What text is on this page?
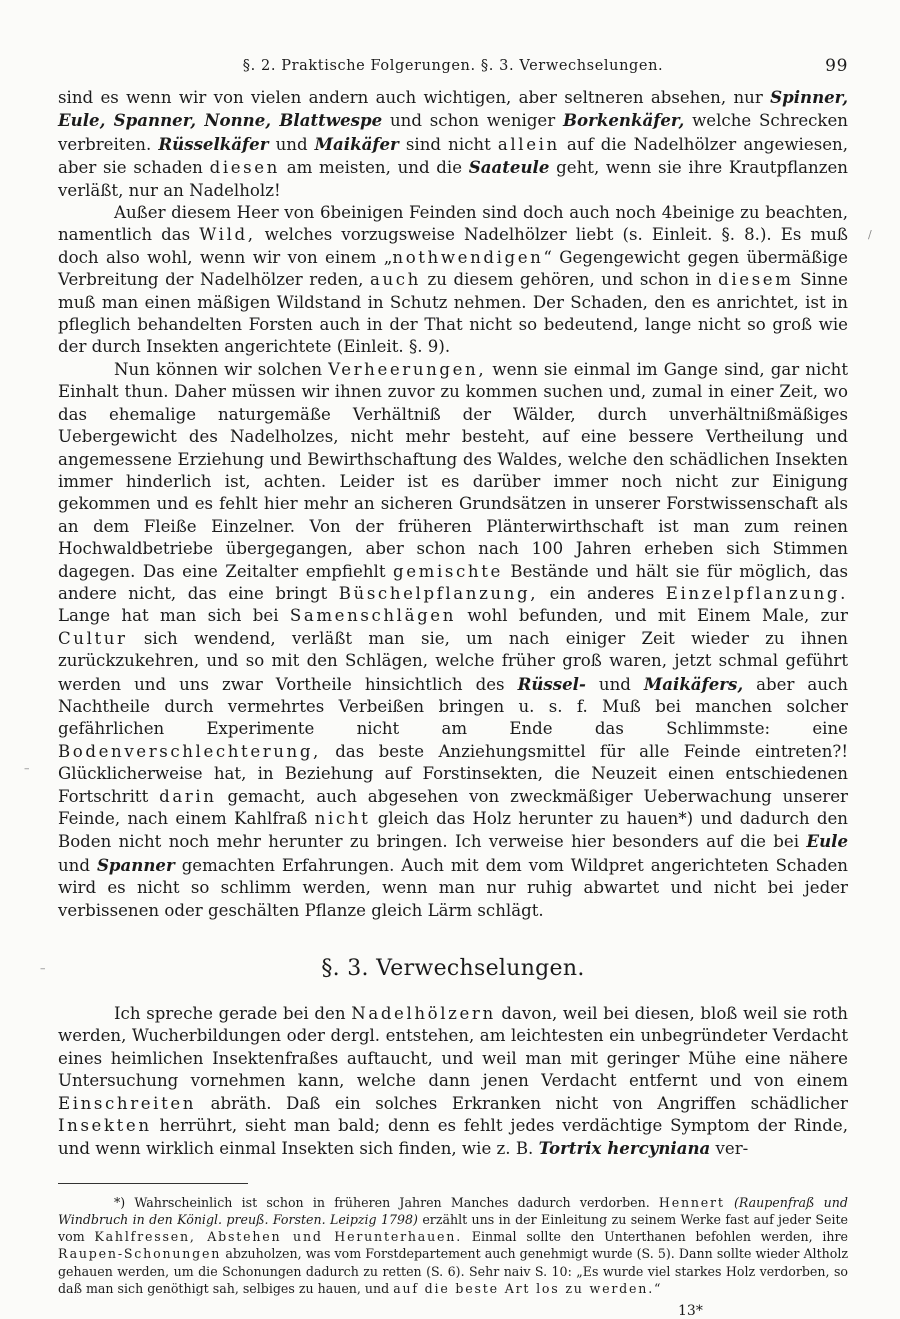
§. 2. Praktische Folgerungen. §. 3. Verwechselungen.	99

sind es wenn wir von vielen andern auch wichtigen, aber seltneren absehen, nur Spinner, Eule, Spanner, Nonne, Blattwespe und schon weniger Borkenkäfer, welche Schrecken verbreiten. Rüsselkäfer und Maikäfer sind nicht allein auf die Nadelhölzer angewiesen, aber sie schaden diesen am meisten, und die Saateule geht, wenn sie ihre Krautpflanzen verläßt, nur an Nadelholz!

Außer diesem Heer von 6beinigen Feinden sind doch auch noch 4beinige zu beachten, namentlich das Wild, welches vorzugsweise Nadelhölzer liebt (s. Einleit. §. 8.). Es muß doch also wohl, wenn wir von einem „nothwendigen“ Gegengewicht gegen übermäßige Verbreitung der Nadelhölzer reden, auch zu diesem gehören, und schon in diesem Sinne muß man einen mäßigen Wildstand in Schutz nehmen. Der Schaden, den es anrichtet, ist in pfleglich behandelten Forsten auch in der That nicht so bedeutend, lange nicht so groß wie der durch Insekten angerichtete (Einleit. §. 9).

Nun können wir solchen Verheerungen, wenn sie einmal im Gange sind, gar nicht Einhalt thun. Daher müssen wir ihnen zuvor zu kommen suchen und, zumal in einer Zeit, wo das ehemalige naturgemäße Verhältniß der Wälder, durch unverhältnißmäßiges Uebergewicht des Nadelholzes, nicht mehr besteht, auf eine bessere Vertheilung und angemessene Erziehung und Bewirthschaftung des Waldes, welche den schädlichen Insekten immer hinderlich ist, achten. Leider ist es darüber immer noch nicht zur Einigung gekommen und es fehlt hier mehr an sicheren Grundsätzen in unserer Forstwissenschaft als an dem Fleiße Einzelner. Von der früheren Plänterwirthschaft ist man zum reinen Hochwaldbetriebe übergegangen, aber schon nach 100 Jahren erheben sich Stimmen dagegen. Das eine Zeitalter empfiehlt gemischte Bestände und hält sie für möglich, das andere nicht, das eine bringt Büschelpflanzung, ein anderes Einzelpflanzung. Lange hat man sich bei Samenschlägen wohl befunden, und mit Einem Male, zur Cultur sich wendend, verläßt man sie, um nach einiger Zeit wieder zu ihnen zurückzukehren, und so mit den Schlägen, welche früher groß waren, jetzt schmal geführt werden und uns zwar Vortheile hinsichtlich des Rüssel- und Maikäfers, aber auch Nachtheile durch vermehrtes Verbeißen bringen u. s. f. Muß bei manchen solcher gefährlichen Experimente nicht am Ende das Schlimmste: eine Bodenverschlechterung, das beste Anziehungsmittel für alle Feinde eintreten?! Glücklicherweise hat, in Beziehung auf Forstinsekten, die Neuzeit einen entschiedenen Fortschritt darin gemacht, auch abgesehen von zweckmäßiger Ueberwachung unserer Feinde, nach einem Kahlfraß nicht gleich das Holz herunter zu hauen*) und dadurch den Boden nicht noch mehr herunter zu bringen. Ich verweise hier besonders auf die bei Eule und Spanner gemachten Erfahrungen. Auch mit dem vom Wildpret angerichteten Schaden wird es nicht so schlimm werden, wenn man nur ruhig abwartet und nicht bei jeder verbissenen oder geschälten Pflanze gleich Lärm schlägt.

§. 3. Verwechselungen.

Ich spreche gerade bei den Nadelhölzern davon, weil bei diesen, bloß weil sie roth werden, Wucherbildungen oder dergl. entstehen, am leichtesten ein unbegründeter Verdacht eines heimlichen Insektenfraßes auftaucht, und weil man mit geringer Mühe eine nähere Untersuchung vornehmen kann, welche dann jenen Verdacht entfernt und von einem Einschreiten abräth. Daß ein solches Erkranken nicht von Angriffen schädlicher Insekten herrührt, sieht man bald; denn es fehlt jedes verdächtige Symptom der Rinde, und wenn wirklich einmal Insekten sich finden, wie z. B. Tortrix hercyniana ver-

*) Wahrscheinlich ist schon in früheren Jahren Manches dadurch verdorben. Hennert (Raupenfraß und Windbruch in den Königl. preuß. Forsten. Leipzig 1798) erzählt uns in der Einleitung zu seinem Werke fast auf jeder Seite vom Kahlfressen, Abstehen und Herunterhauen. Einmal sollte den Unterthanen befohlen werden, ihre Raupen-Schonungen abzuholzen, was vom Forstdepartement auch genehmigt wurde (S. 5). Dann sollte wieder Altholz gehauen werden, um die Schonungen dadurch zu retten (S. 6). Sehr naiv S. 10: „Es wurde viel starkes Holz verdorben, so daß man sich genöthigt sah, selbiges zu hauen, und auf die beste Art los zu werden.“
13*
/
–
–
